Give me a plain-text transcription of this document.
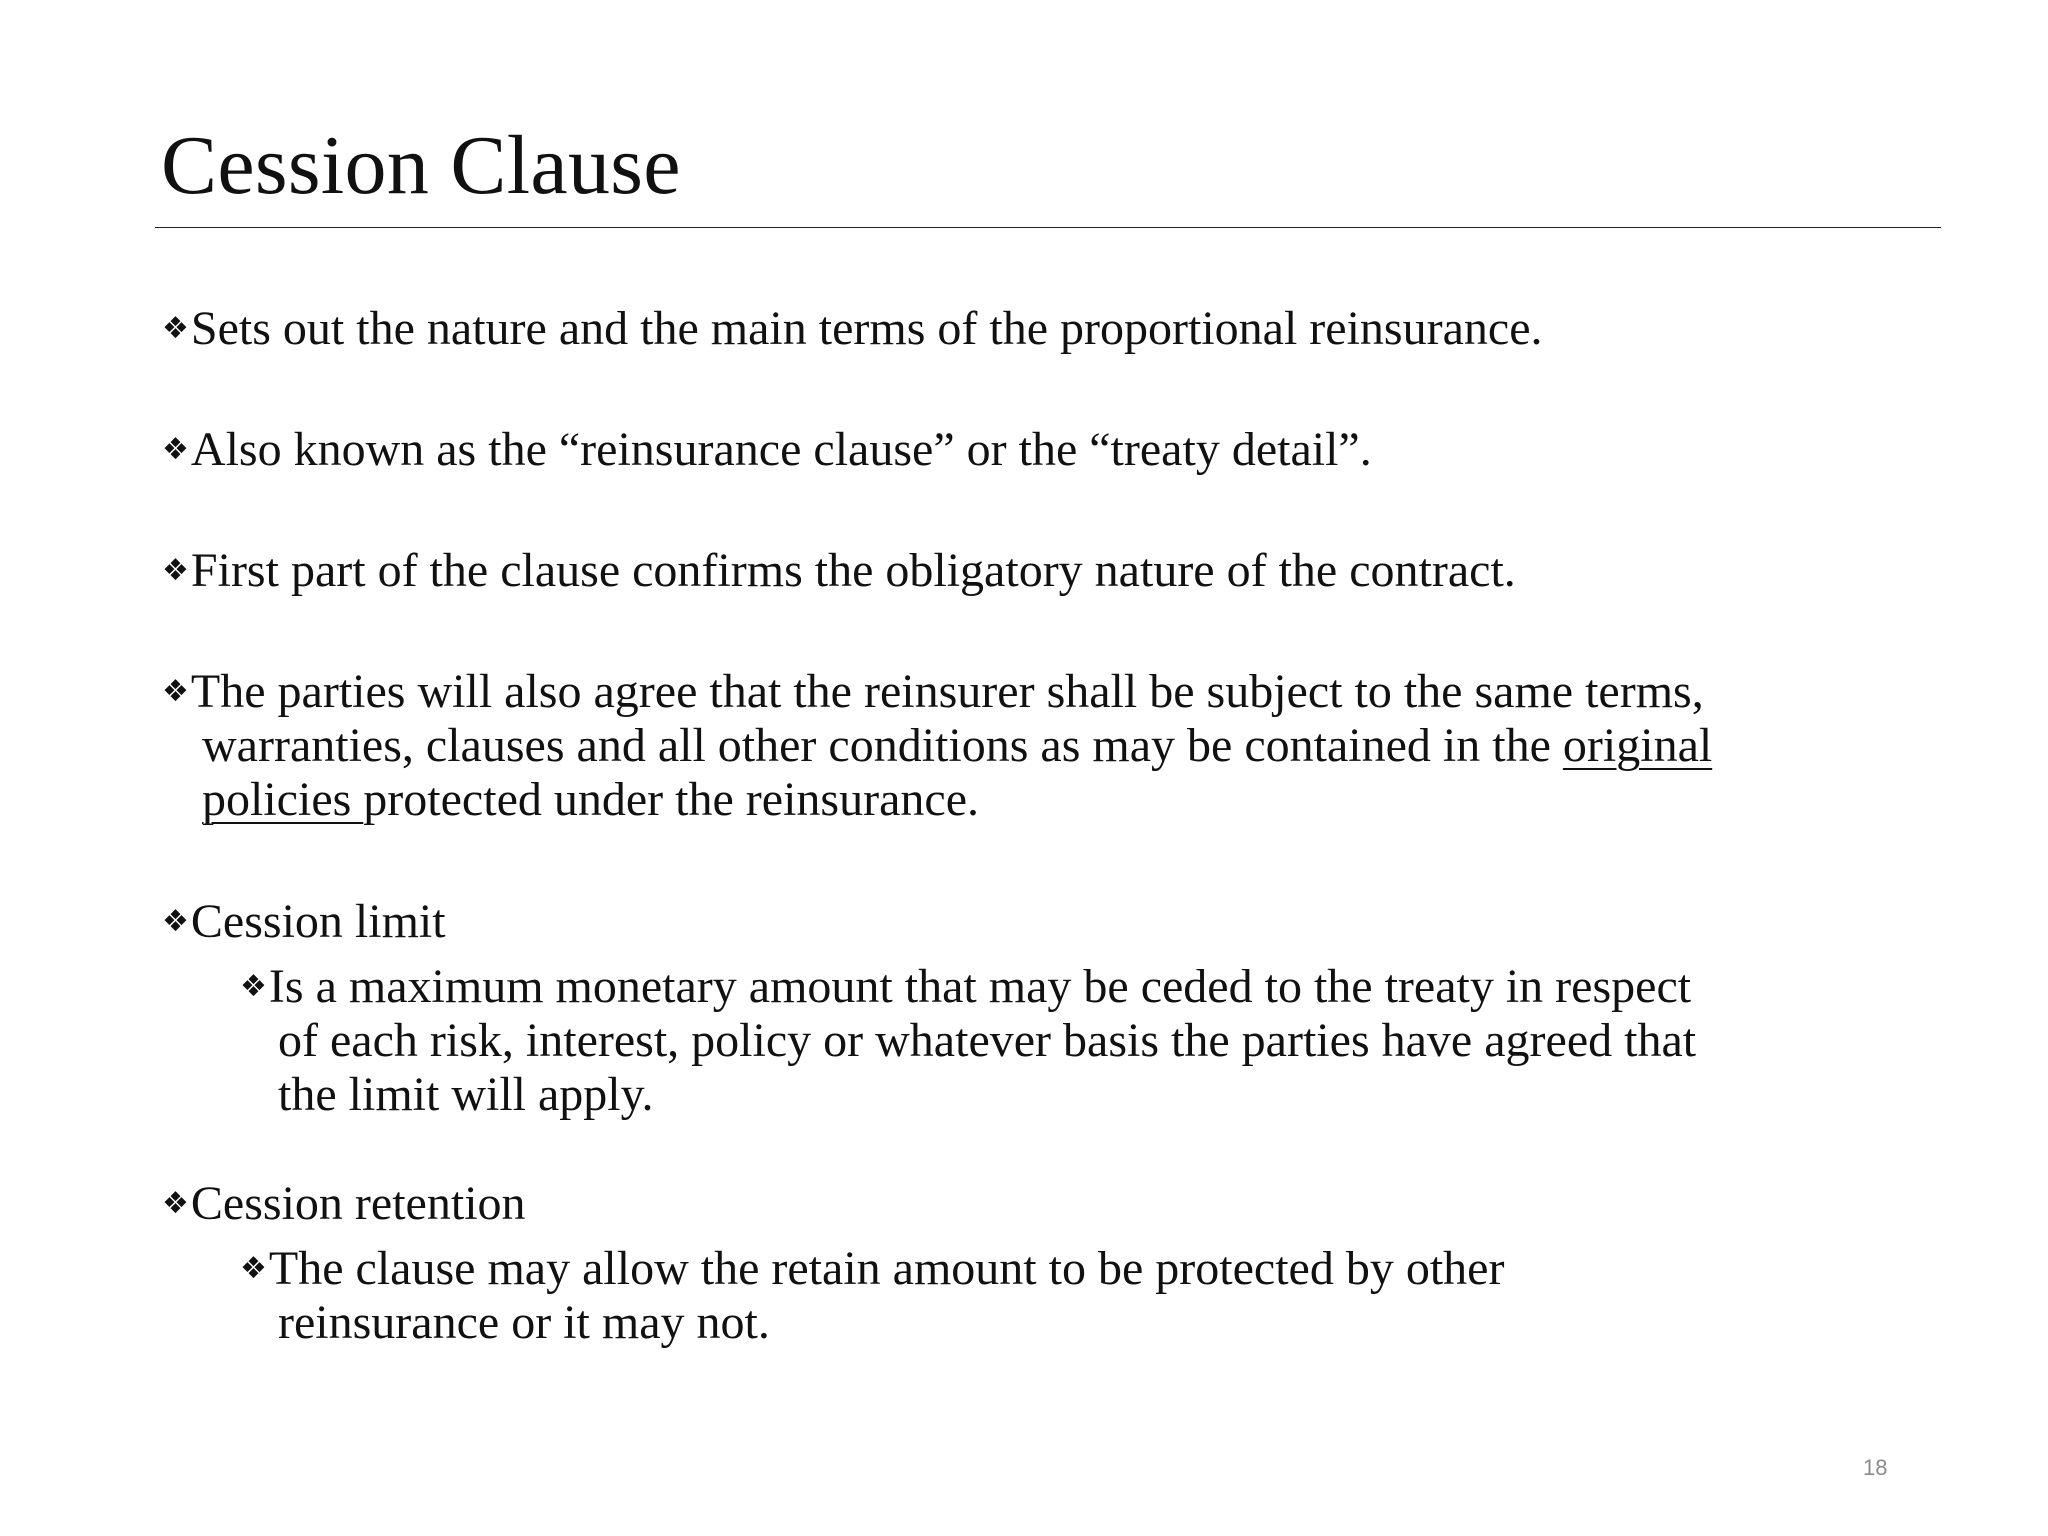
Cession Clause
❖Sets out the nature and the main terms of the proportional reinsurance.
❖Also known as the “reinsurance clause” or the “treaty detail”.
❖First part of the clause confirms the obligatory nature of the contract.
❖The parties will also agree that the reinsurer shall be subject to the same terms,
warranties, clauses and all other conditions as may be contained in the original
policies protected under the reinsurance.
❖Cession limit
❖Is a maximum monetary amount that may be ceded to the treaty in respect
of each risk, interest, policy or whatever basis the parties have agreed that
the limit will apply.
❖Cession retention
❖The clause may allow the retain amount to be protected by other
reinsurance or it may not.
18
